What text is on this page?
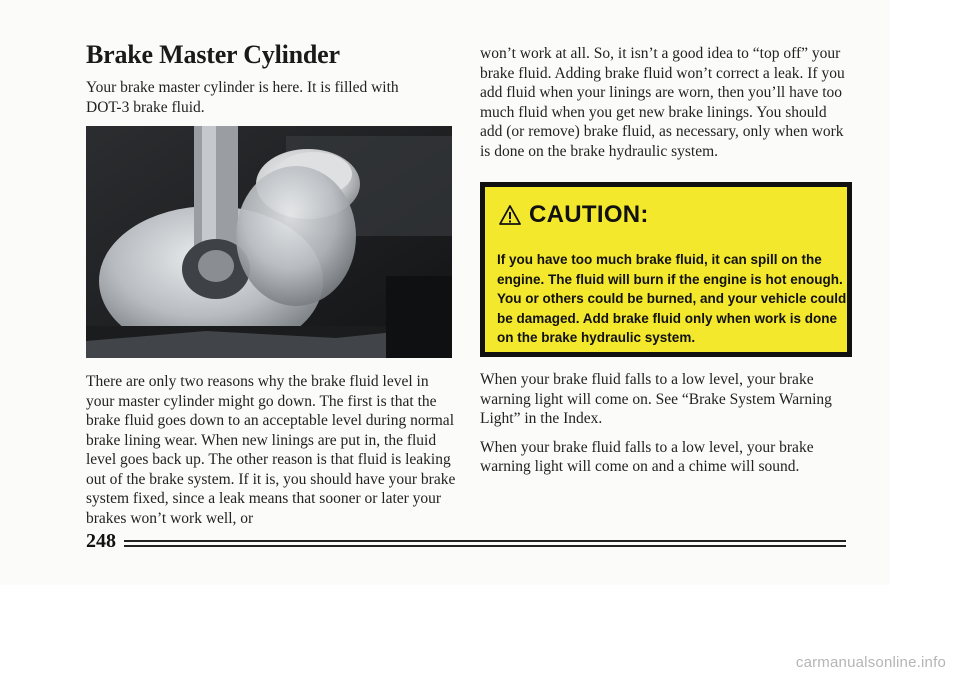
Brake Master Cylinder

Your brake master cylinder is here. It is filled with DOT-3 brake fluid.

There are only two reasons why the brake fluid level in your master cylinder might go down. The first is that the brake fluid goes down to an acceptable level during normal brake lining wear. When new linings are put in, the fluid level goes back up. The other reason is that fluid is leaking out of the brake system. If it is, you should have your brake system fixed, since a leak means that sooner or later your brakes won’t work well, or

won’t work at all. So, it isn’t a good idea to “top off” your brake fluid. Adding brake fluid won’t correct a leak. If you add fluid when your linings are worn, then you’ll have too much fluid when you get new brake linings. You should add (or remove) brake fluid, as necessary, only when work is done on the brake hydraulic system.

CAUTION:
If you have too much brake fluid, it can spill on the engine. The fluid will burn if the engine is hot enough. You or others could be burned, and your vehicle could be damaged. Add brake fluid only when work is done on the brake hydraulic system.

When your brake fluid falls to a low level, your brake warning light will come on. See “Brake System Warning Light” in the Index.

When your brake fluid falls to a low level, your brake warning light will come on and a chime will sound.

248
carmanualsonline.info
